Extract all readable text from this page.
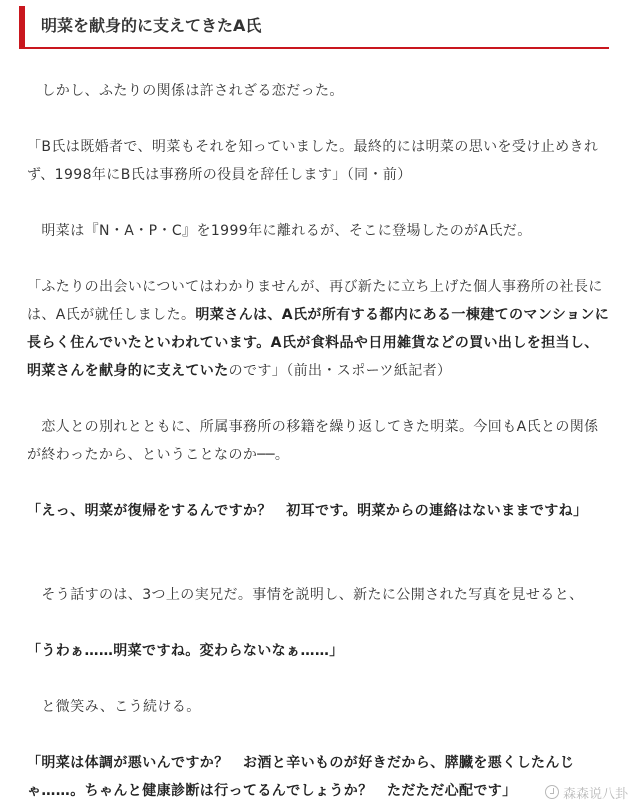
明菜を献身的に支えてきたA氏

　しかし、ふたりの関係は許されざる恋だった。

「B氏は既婚者で、明菜もそれを知っていました。最終的には明菜の思いを受け止めきれず、1998年にB氏は事務所の役員を辞任します」（同・前）

　明菜は『N・A・P・C』を1999年に離れるが、そこに登場したのがA氏だ。

「ふたりの出会いについてはわかりませんが、再び新たに立ち上げた個人事務所の社長には、A氏が就任しました。明菜さんは、A氏が所有する都内にある一棟建てのマンションに長らく住んでいたといわれています。A氏が食料品や日用雑貨などの買い出しを担当し、明菜さんを献身的に支えていたのです」（前出・スポーツ紙記者）

　恋人との別れとともに、所属事務所の移籍を繰り返してきた明菜。今回もA氏との関係が終わったから、ということなのか──。

「えっ、明菜が復帰をするんですか？　初耳です。明菜からの連絡はないままですね」

　そう話すのは、3つ上の実兄だ。事情を説明し、新たに公開された写真を見せると、

「うわぁ……明菜ですね。変わらないなぁ……」

　と微笑み、こう続ける。

「明菜は体調が悪いんですか？　お酒と辛いものが好きだから、膵臓を悪くしたんじゃ……。ちゃんと健康診断は行ってるんでしょうか？　ただただ心配です」	森森说八卦
